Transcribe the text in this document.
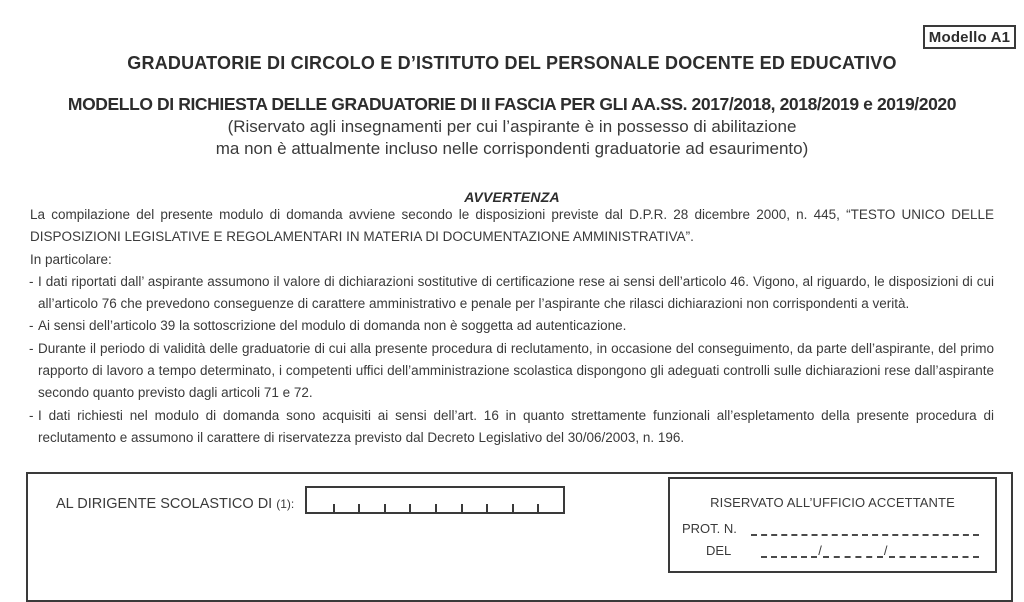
Modello A1
GRADUATORIE DI CIRCOLO E D’ISTITUTO DEL PERSONALE DOCENTE ED EDUCATIVO
MODELLO DI RICHIESTA DELLE GRADUATORIE DI II FASCIA PER GLI AA.SS. 2017/2018, 2018/2019 e 2019/2020
(Riservato agli insegnamenti per cui l’aspirante è in possesso di abilitazione
ma non è attualmente incluso nelle corrispondenti graduatorie ad esaurimento)
AVVERTENZA

La compilazione del presente modulo di domanda avviene secondo le disposizioni previste dal D.P.R. 28 dicembre 2000, n. 445, “TESTO UNICO DELLE DISPOSIZIONI LEGISLATIVE E REGOLAMENTARI IN MATERIA DI DOCUMENTAZIONE AMMINISTRATIVA”.

In particolare:

- I dati riportati dall’ aspirante assumono il valore di dichiarazioni sostitutive di certificazione rese ai sensi dell’articolo 46. Vigono, al riguardo, le disposizioni di cui all’articolo 76 che prevedono conseguenze di carattere amministrativo e penale per l’aspirante che rilasci dichiarazioni non corrispondenti a verità.
- Ai sensi dell’articolo 39 la sottoscrizione del modulo di domanda non è soggetta ad autenticazione.
- Durante il periodo di validità delle graduatorie di cui alla presente procedura di reclutamento, in occasione del conseguimento, da parte dell’aspirante, del primo rapporto di lavoro a tempo determinato, i competenti uffici dell’amministrazione scolastica dispongono gli adeguati controlli sulle dichiarazioni rese dall’aspirante secondo quanto previsto dagli articoli 71 e 72.
- I dati richiesti nel modulo di domanda sono acquisiti ai sensi dell’art. 16 in quanto strettamente funzionali all’espletamento della presente procedura di reclutamento e assumono il carattere di riservatezza previsto dal Decreto Legislativo del 30/06/2003, n. 196.
AL DIRIGENTE SCOLASTICO DI (1):	RISERVATO ALL’UFFICIO ACCETTANTE
PROT. N.
DEL	/	/
